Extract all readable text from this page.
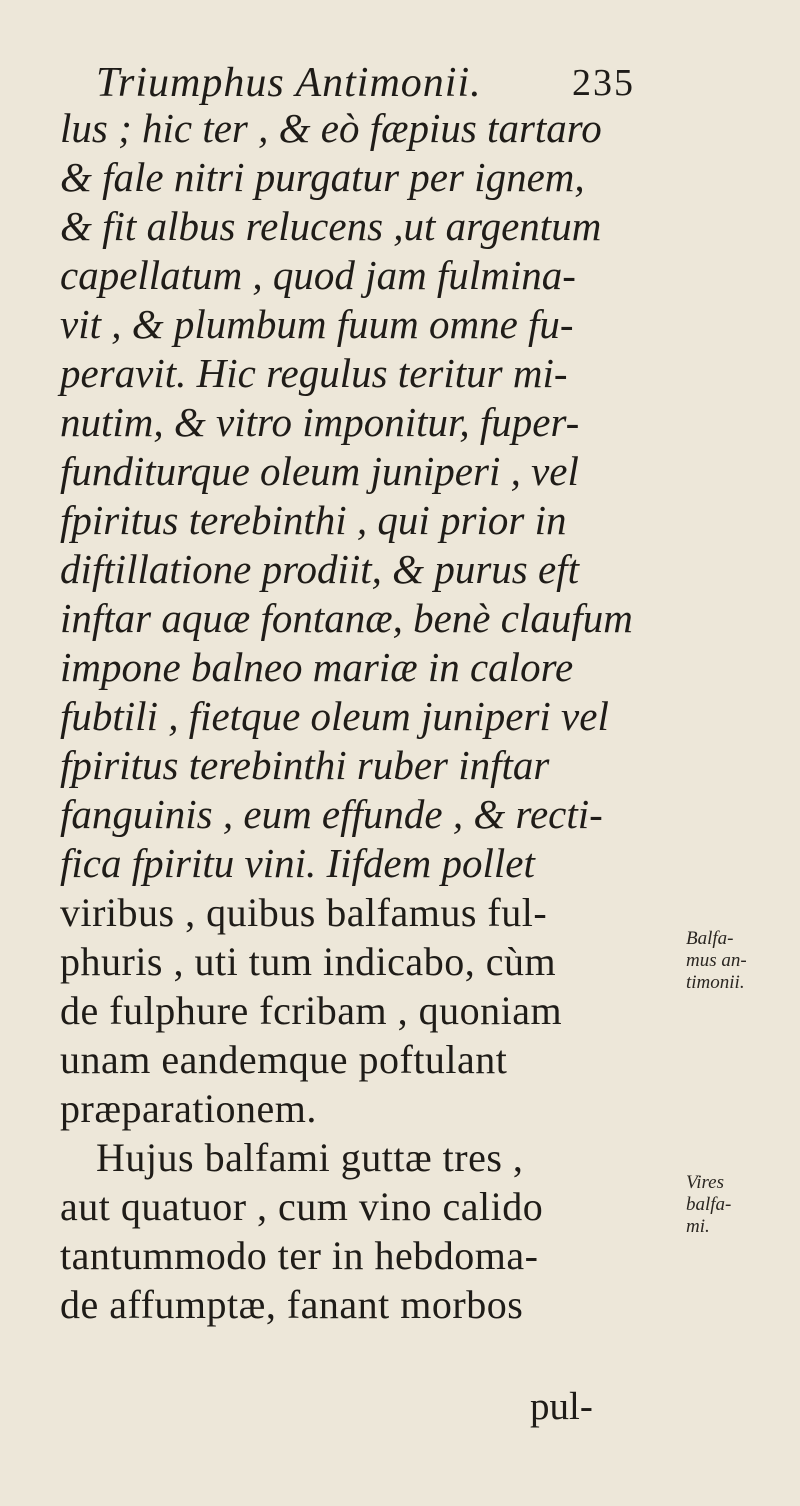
Triumphus Antimonii. 235
lus ; hic ter , & eò fæpius tartaro
& fale nitri purgatur per ignem,
& fit albus relucens ,ut argentum
capellatum , quod jam fulmina-
vit , & plumbum fuum omne fu-
peravit. Hic regulus teritur mi-
nutim, & vitro imponitur, fuper-
funditurque oleum juniperi , vel
fpiritus terebinthi , qui prior in
diftillatione prodiit, & purus eft
inftar aquæ fontanæ, benè claufum
impone balneo mariæ in calore
fubtili , fietque oleum juniperi vel
fpiritus terebinthi ruber inftar
fanguinis , eum effunde , & recti-
fica fpiritu vini. Iifdem pollet
viribus , quibus balfamus ful-
phuris , uti tum indicabo, cùm
de fulphure fcribam , quoniam
unam eandemque poftulant
præparationem.
Hujus balfami guttæ tres ,
aut quatuor , cum vino calido
tantummodo ter in hebdoma-
de affumptæ, fanant morbos
Balfa-
mus an-
timonii.
Vires
balfa-
mi.
pul-
